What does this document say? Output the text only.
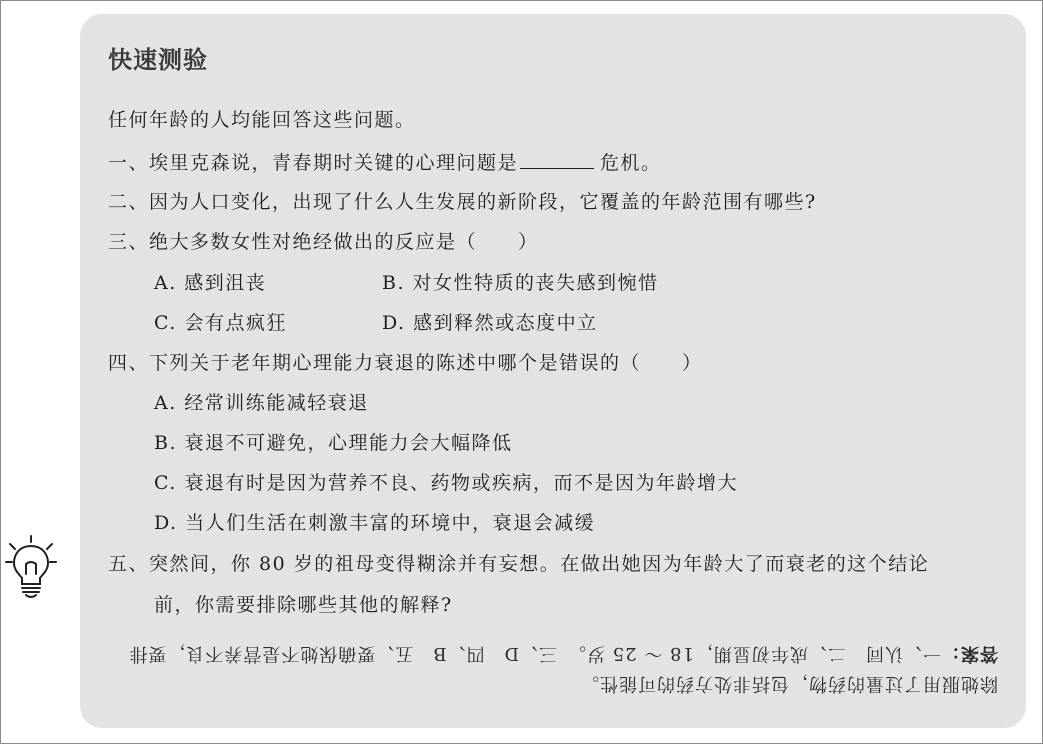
快速测验
任何年龄的人均能回答这些问题。
一、埃里克森说，青春期时关键的心理问题是	危机。
二、因为人口变化，出现了什么人生发展的新阶段，它覆盖的年龄范围有哪些?
三、绝大多数女性对绝经做出的反应是（　　）
A. 感到沮丧	B. 对女性特质的丧失感到惋惜
C. 会有点疯狂	D. 感到释然或态度中立
四、下列关于老年期心理能力衰退的陈述中哪个是错误的（　　）
A. 经常训练能减轻衰退
B. 衰退不可避免，心理能力会大幅降低
C. 衰退有时是因为营养不良、药物或疾病，而不是因为年龄增大
D. 当人们生活在刺激丰富的环境中，衰退会减缓
五、突然间，你 80 岁的祖母变得糊涂并有妄想。在做出她因为年龄大了而衰老的这个结论
前，你需要排除哪些其他的解释?
答案：一、认同　二、成年初显期，18 ～ 25 岁。　三、D　四、B　五、要确保她不是营养不良，要排
除她服用了过量的药物，包括非处方药的可能性。
